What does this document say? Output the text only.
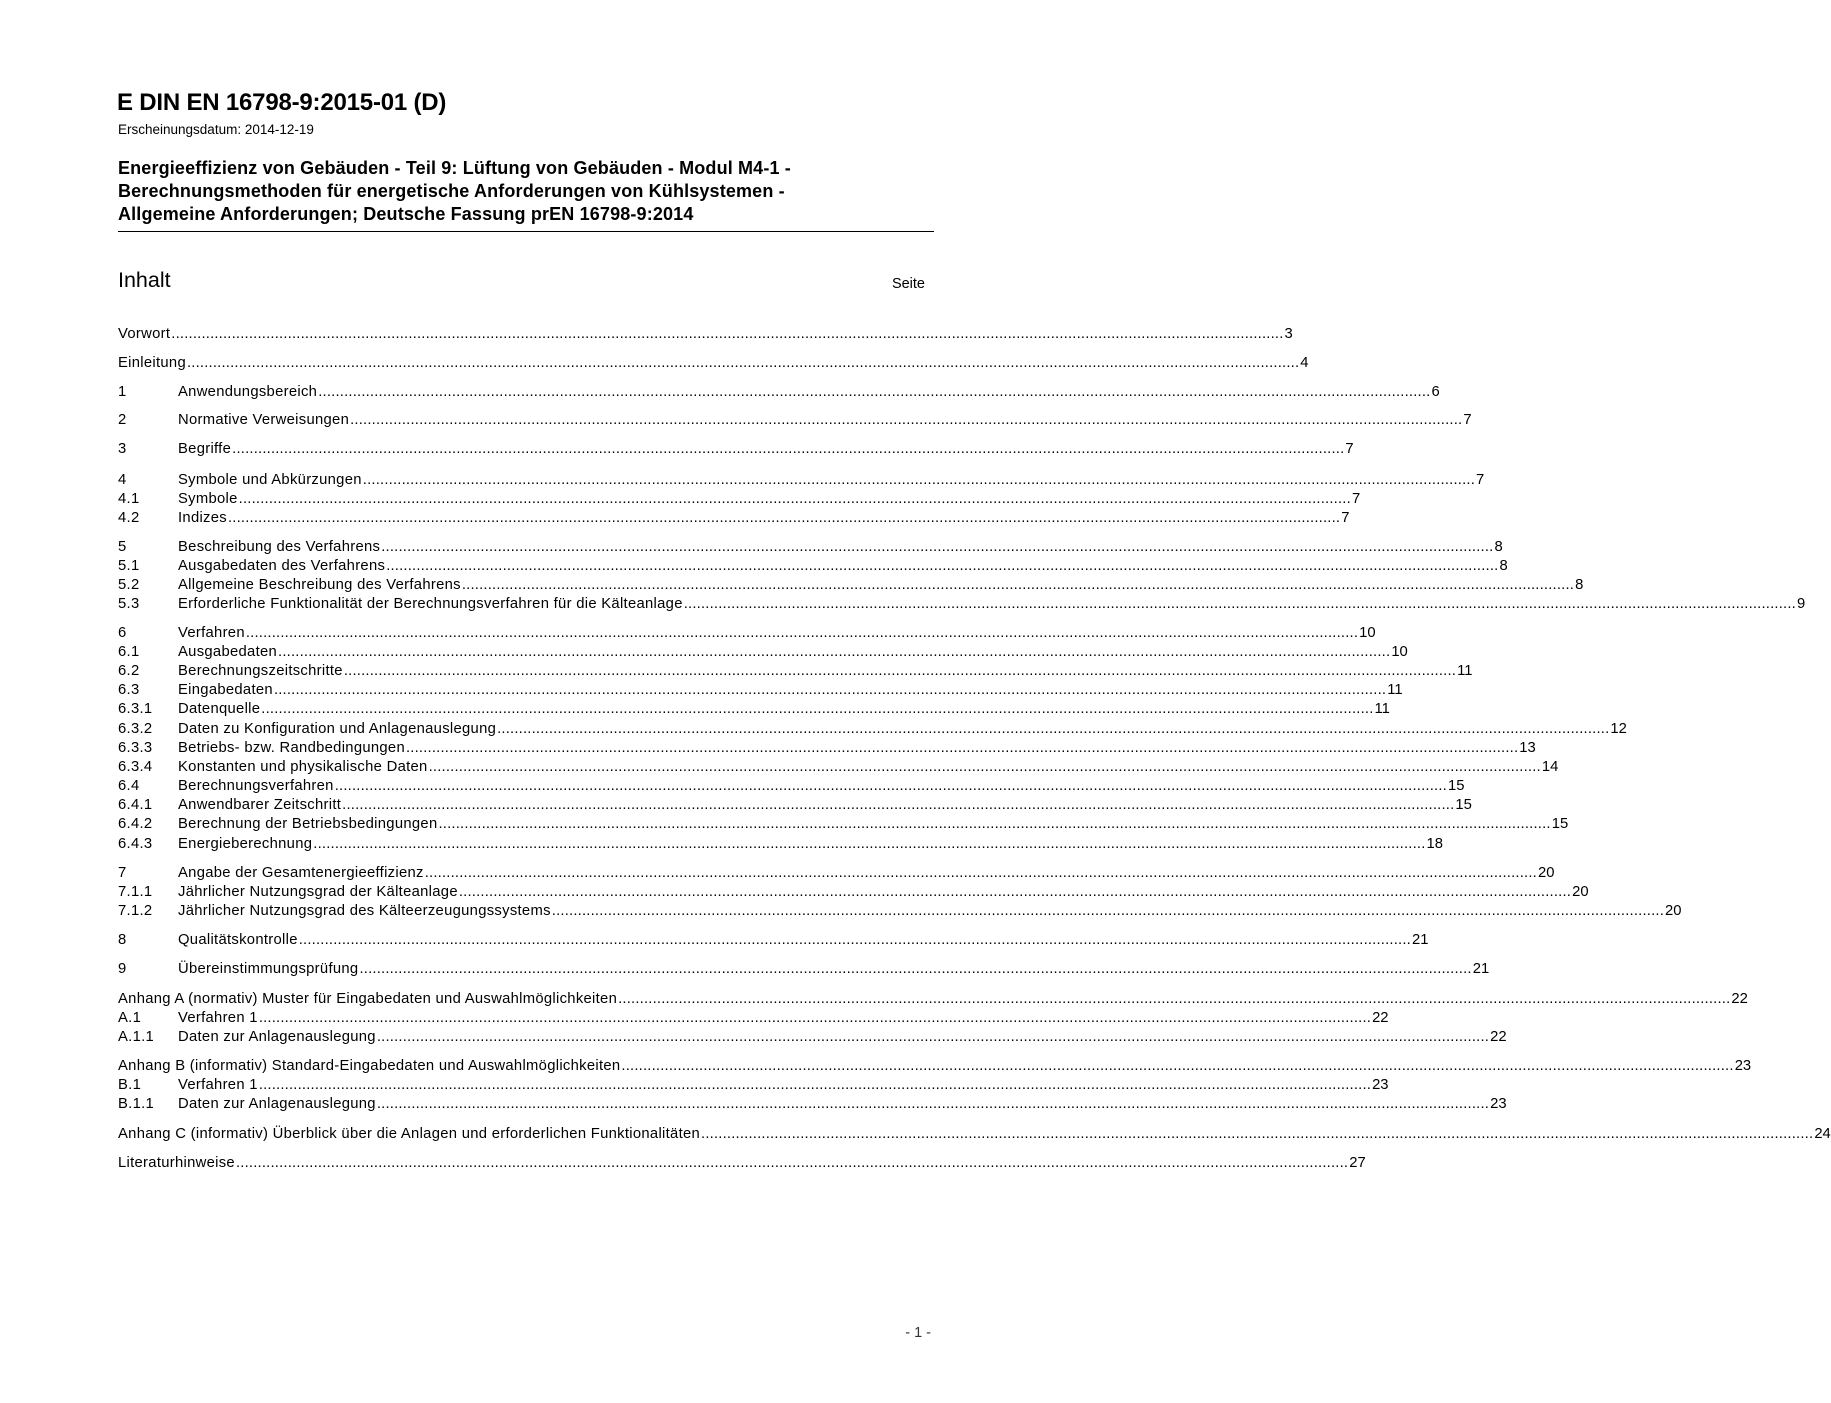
E DIN EN 16798-9:2015-01 (D)
Erscheinungsdatum: 2014-12-19
Energieeffizienz von Gebäuden - Teil 9: Lüftung von Gebäuden - Modul M4-1 -
Berechnungsmethoden für energetische Anforderungen von Kühlsystemen -
Allgemeine Anforderungen; Deutsche Fassung prEN 16798-9:2014
Inhalt	Seite
Vorwort .....	3
Einleitung .....	4
1	Anwendungsbereich .....	6
2	Normative Verweisungen .....	7
3	Begriffe .....	7
4	Symbole und Abkürzungen .....	7
4.1	Symbole .....	7
4.2	Indizes .....	7
5	Beschreibung des Verfahrens .....	8
5.1	Ausgabedaten des Verfahrens .....	8
5.2	Allgemeine Beschreibung des Verfahrens .....	8
5.3	Erforderliche Funktionalität der Berechnungsverfahren für die Kälteanlage .....	9
6	Verfahren .....	10
6.1	Ausgabedaten .....	10
6.2	Berechnungszeitschritte .....	11
6.3	Eingabedaten .....	11
6.3.1	Datenquelle .....	11
6.3.2	Daten zu Konfiguration und Anlagenauslegung .....	12
6.3.3	Betriebs- bzw. Randbedingungen .....	13
6.3.4	Konstanten und physikalische Daten .....	14
6.4	Berechnungsverfahren .....	15
6.4.1	Anwendbarer Zeitschritt .....	15
6.4.2	Berechnung der Betriebsbedingungen .....	15
6.4.3	Energieberechnung .....	18
7	Angabe der Gesamtenergieeffizienz .....	20
7.1.1	Jährlicher Nutzungsgrad der Kälteanlage .....	20
7.1.2	Jährlicher Nutzungsgrad des Kälteerzeugungssystems .....	20
8	Qualitätskontrolle .....	21
9	Übereinstimmungsprüfung .....	21
Anhang A (normativ) Muster für Eingabedaten und Auswahlmöglichkeiten .....	22
A.1	Verfahren 1 .....	22
A.1.1	Daten zur Anlagenauslegung .....	22
Anhang B (informativ) Standard-Eingabedaten und Auswahlmöglichkeiten .....	23
B.1	Verfahren 1 .....	23
B.1.1	Daten zur Anlagenauslegung .....	23
Anhang C (informativ) Überblick über die Anlagen und erforderlichen Funktionalitäten .....	24
Literaturhinweise .....	27
- 1 -
